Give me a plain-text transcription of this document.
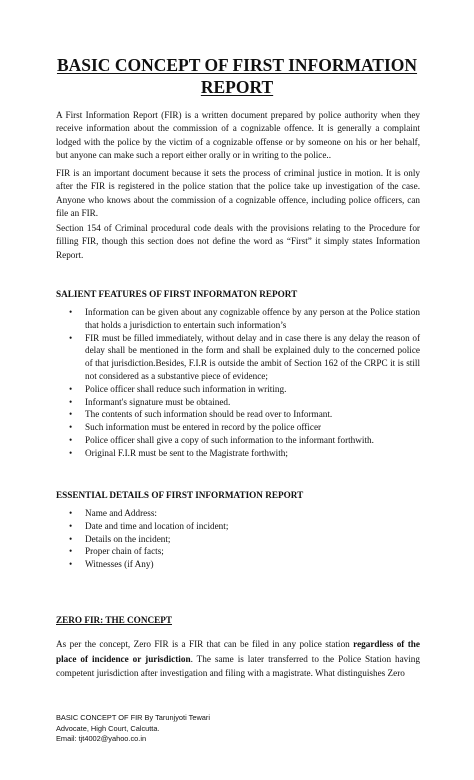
BASIC CONCEPT OF FIRST INFORMATION REPORT

A First Information Report (FIR) is a written document prepared by police authority when they receive information about the commission of a cognizable offence. It is generally a complaint lodged with the police by the victim of a cognizable offense or by someone on his or her behalf, but anyone can make such a report either orally or in writing to the police..

FIR is an important document because it sets the process of criminal justice in motion. It is only after the FIR is registered in the police station that the police take up investigation of the case. Anyone who knows about the commission of a cognizable offence, including police officers, can file an FIR.

Section 154 of Criminal procedural code deals with the provisions relating to the Procedure for filling FIR, though this section does not define the word as “First” it simply states Information Report.

SALIENT FEATURES OF FIRST INFORMATON REPORT
• Information can be given about any cognizable offence by any person at the Police station that holds a jurisdiction to entertain such information’s
• FIR must be filled immediately, without delay and in case there is any delay the reason of delay shall be mentioned in the form and shall be explained duly to the concerned police of that jurisdiction.Besides, F.I.R is outside the ambit of Section 162 of the CRPC it is still not considered as a substantive piece of evidence;
• Police officer shall reduce such information in writing.
• Informant's signature must be obtained.
• The contents of such information should be read over to Informant.
• Such information must be entered in record by the police officer
• Police officer shall give a copy of such information to the informant forthwith.
• Original F.I.R must be sent to the Magistrate forthwith;
ESSENTIAL DETAILS OF FIRST INFORMATION REPORT
• Name and Address:
• Date and time and location of incident;
• Details on the incident;
• Proper chain of facts;
• Witnesses (if Any)
ZERO FIR: THE CONCEPT

As per the concept, Zero FIR is a FIR that can be filed in any police station regardless of the place of incidence or jurisdiction. The same is later transferred to the Police Station having competent jurisdiction after investigation and filing with a magistrate. What distinguishes Zero

BASIC CONCEPT OF FIR By Tarunjyoti Tewari
Advocate, High Court, Calcutta.
Email: tjt4002@yahoo.co.in
